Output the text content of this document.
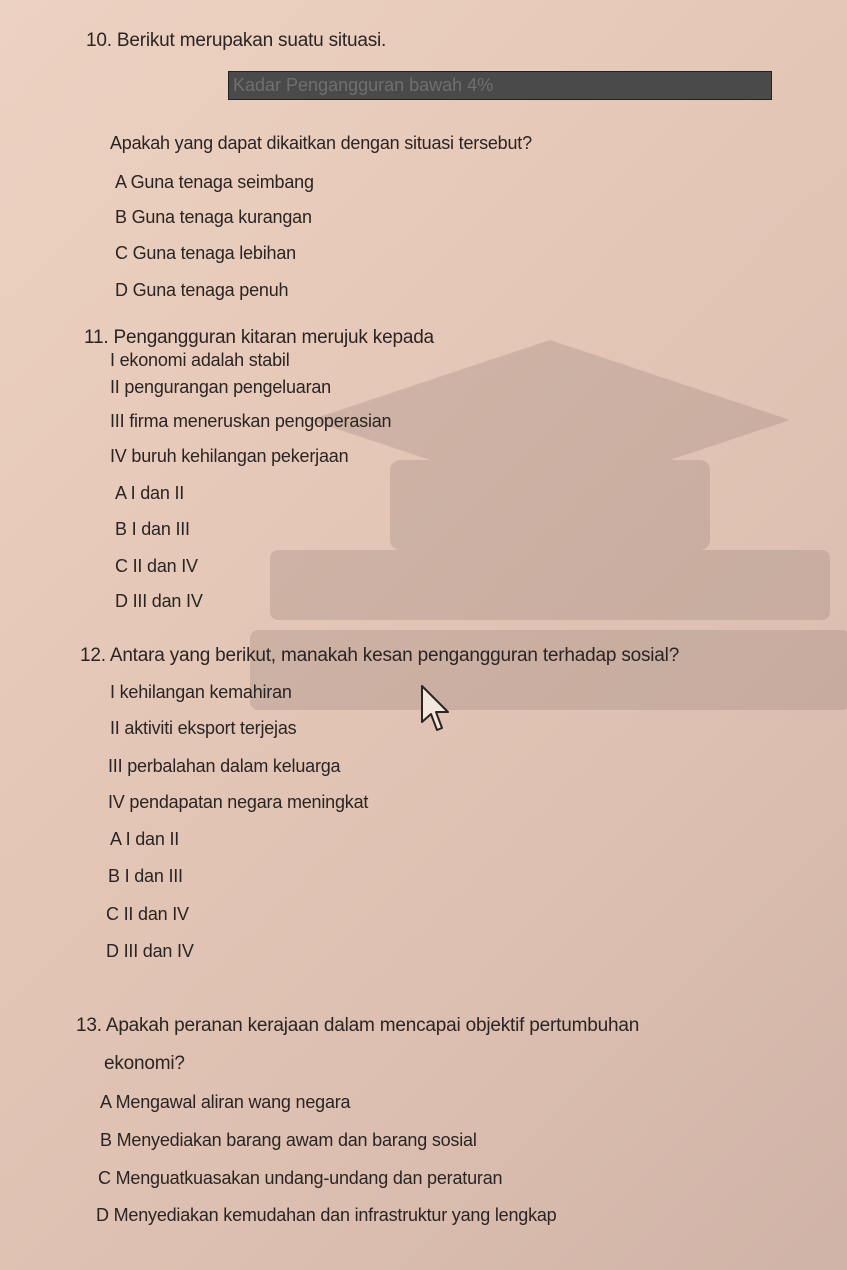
10. Berikut merupakan suatu situasi.
Kadar Pengangguran bawah 4%
Apakah yang dapat dikaitkan dengan situasi tersebut?
A Guna tenaga seimbang
B Guna tenaga kurangan
C Guna tenaga lebihan
D Guna tenaga penuh
11. Pengangguran kitaran merujuk kepada
I ekonomi adalah stabil
II pengurangan pengeluaran
III firma meneruskan pengoperasian
IV buruh kehilangan pekerjaan
A I dan II
B I dan III
C II dan IV
D III dan IV
12. Antara yang berikut, manakah kesan pengangguran terhadap sosial?
I kehilangan kemahiran
II aktiviti eksport terjejas
III perbalahan dalam keluarga
IV pendapatan negara meningkat
A I dan II
B I dan III
C II dan IV
D III dan IV
13. Apakah peranan kerajaan dalam mencapai objektif pertumbuhan
ekonomi?
A Mengawal aliran wang negara
B Menyediakan barang awam dan barang sosial
C Menguatkuasakan undang-undang dan peraturan
D Menyediakan kemudahan dan infrastruktur yang lengkap
